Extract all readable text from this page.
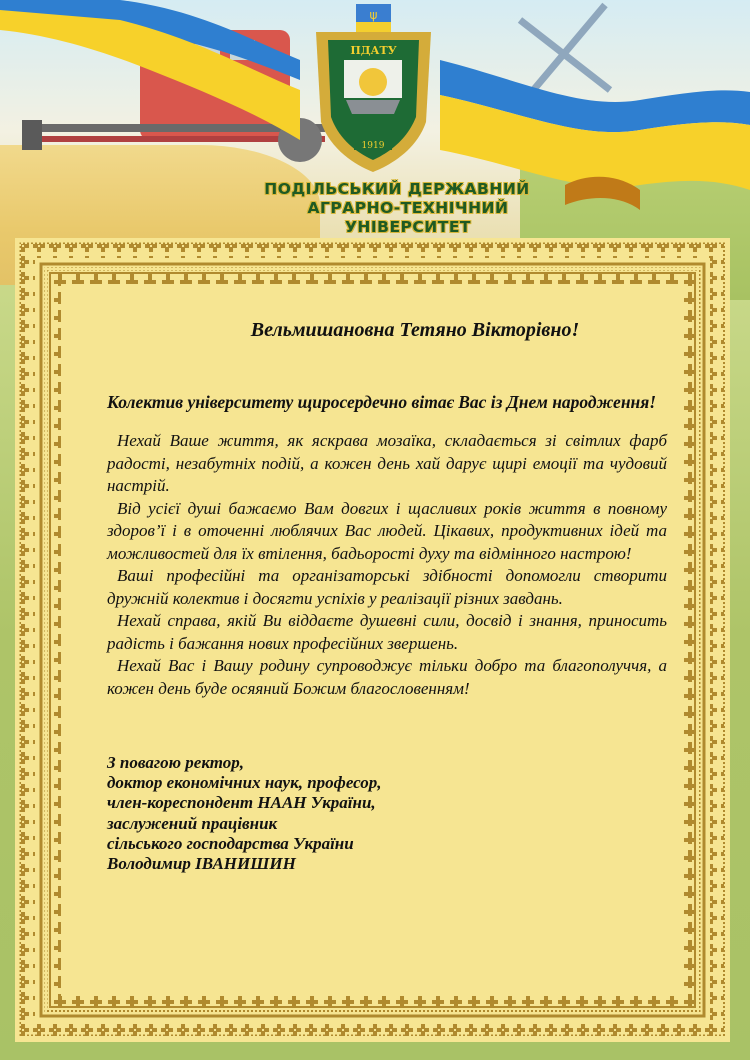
ψ
ПДАТУ
1919
ПОДІЛЬСЬКИЙ ДЕРЖАВНИЙ
АГРАРНО-ТЕХНІЧНИЙ УНІВЕРСИТЕТ
Вельмишановна Тетяно Вікторівно!
Колектив університету щиросердечно вітає Вас із Днем народження!

Нехай Ваше життя, як яскрава мозаїка, складається зі світлих фарб радості, незабутніх подій, а кожен день хай дарує щирі емоції та чудовий настрій.

Від усієї душі бажаємо Вам довгих і щасливих років життя в повному здоров’ї і в оточенні люблячих Вас людей. Цікавих, продуктивних ідей та можливостей для їх втілення, бадьорості духу та відмінного настрою!

Ваші професійні та організаторські здібності допомогли створити дружній колектив і досягти успіхів у реалізації різних завдань.

Нехай справа, якій Ви віддаєте душевні сили, досвід і знання, приносить радість і бажання нових професійних звершень.

Нехай Вас і Вашу родину супроводжує тільки добро та благополуччя, а кожен день буде осяяний Божим благословенням!

З повагою ректор,
доктор економічних наук, професор,
член-кореспондент НААН України,
заслужений працівник
сільського господарства України
Володимир ІВАНИШИН
